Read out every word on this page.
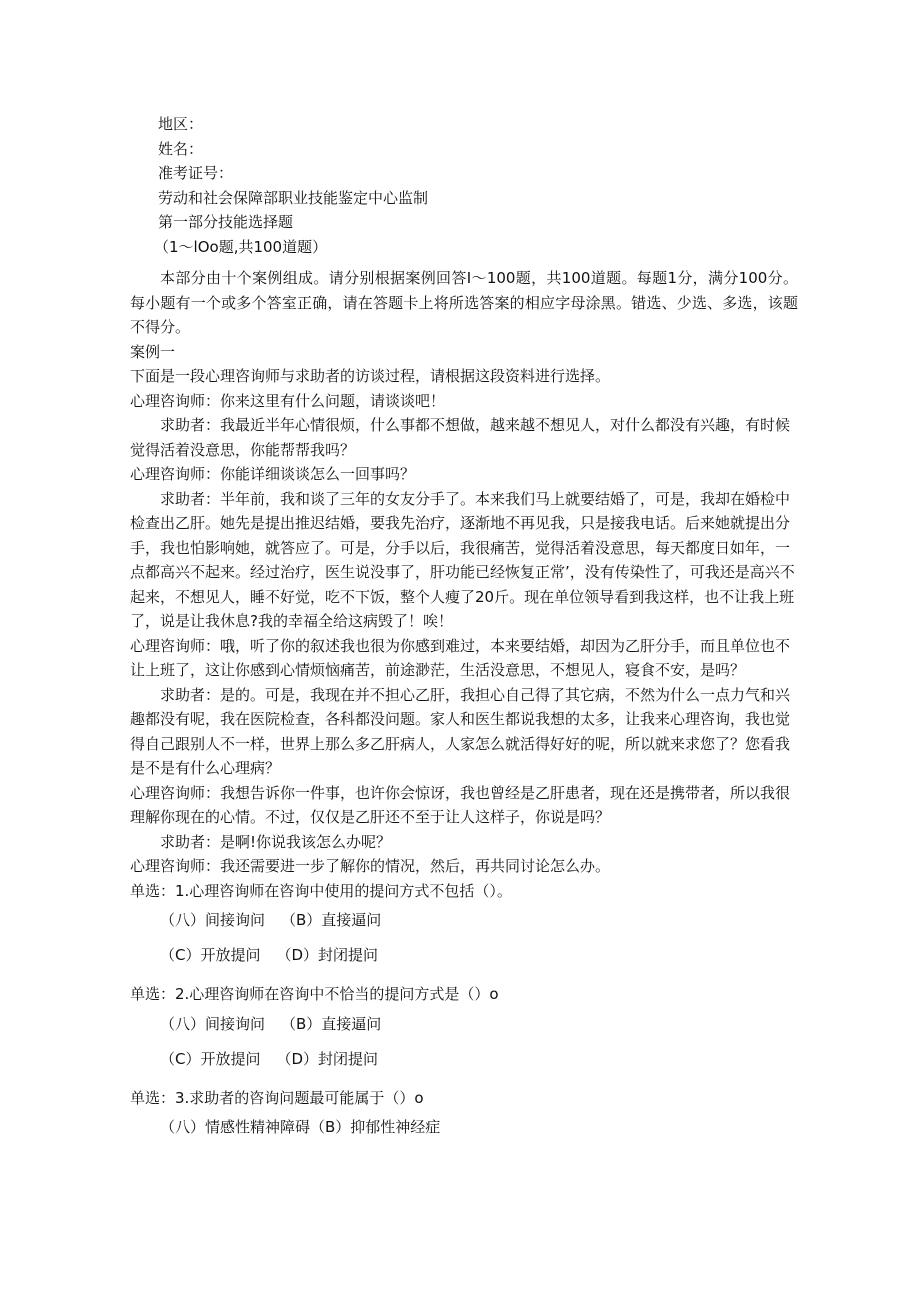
地区：
姓名：
准考证号：
劳动和社会保障部职业技能鉴定中心监制
第一部分技能选择题
（1～lOo题,共100道题）
本部分由十个案例组成。请分别根据案例回答I～100题，共100道题。每题1分，满分100分。每小题有一个或多个答室正确，请在答题卡上将所选答案的相应字母涂黑。错选、少选、多选，该题不得分。
案例一
下面是一段心理咨询师与求助者的访谈过程，请根据这段资料进行选择。
心理咨询师：你来这里有什么问题，请谈谈吧！
求助者：我最近半年心情很烦，什么事都不想做，越来越不想见人，对什么都没有兴趣，有时候觉得活着没意思，你能帮帮我吗？
心理咨询师：你能详细谈谈怎么一回事吗？
求助者：半年前，我和谈了三年的女友分手了。本来我们马上就要结婚了，可是，我却在婚检中检查出乙肝。她先是提出推迟结婚，要我先治疗，逐渐地不再见我，只是接我电话。后来她就提出分手，我也怕影响她，就答应了。可是，分手以后，我很痛苦，觉得活着没意思，每天都度日如年，一点都高兴不起来。经过治疗，医生说没事了，肝功能已经恢复正常’，没有传染性了，可我还是高兴不起来，不想见人，睡不好觉，吃不下饭，整个人瘦了20斤。现在单位领导看到我这样，也不让我上班了，说是让我休息?我的幸福全给这病毁了！唉！
心理咨询师：哦，听了你的叙述我也很为你感到难过，本来要结婚，却因为乙肝分手，而且单位也不让上班了，这让你感到心情烦恼痛苦，前途渺茫，生活没意思，不想见人，寝食不安，是吗？
求助者：是的。可是，我现在并不担心乙肝，我担心自己得了其它病，不然为什么一点力气和兴趣都没有呢，我在医院检查，各科都没问题。家人和医生都说我想的太多，让我来心理咨询，我也觉得自己跟别人不一样，世界上那么多乙肝病人，人家怎么就活得好好的呢，所以就来求您了？您看我是不是有什么心理病？
心理咨询师：我想告诉你一件事，也许你会惊讶，我也曾经是乙肝患者，现在还是携带者，所以我很理解你现在的心情。不过，仅仅是乙肝还不至于让人这样子，你说是吗？
求助者：是啊!你说我该怎么办呢？
心理咨询师：我还需要进一步了解你的情况，然后，再共同讨论怎么办。
单选：1.心理咨询师在咨询中使用的提问方式不包括（）。
（八）间接询问 （B）直接逼问
（C）开放提问 （D）封闭提问
单选：2.心理咨询师在咨询中不恰当的提问方式是（）o
（八）间接询问 （B）直接逼问
（C）开放提问 （D）封闭提问
单选：3.求助者的咨询问题最可能属于（）o
（八）情感性精神障碍（B）抑郁性神经症
